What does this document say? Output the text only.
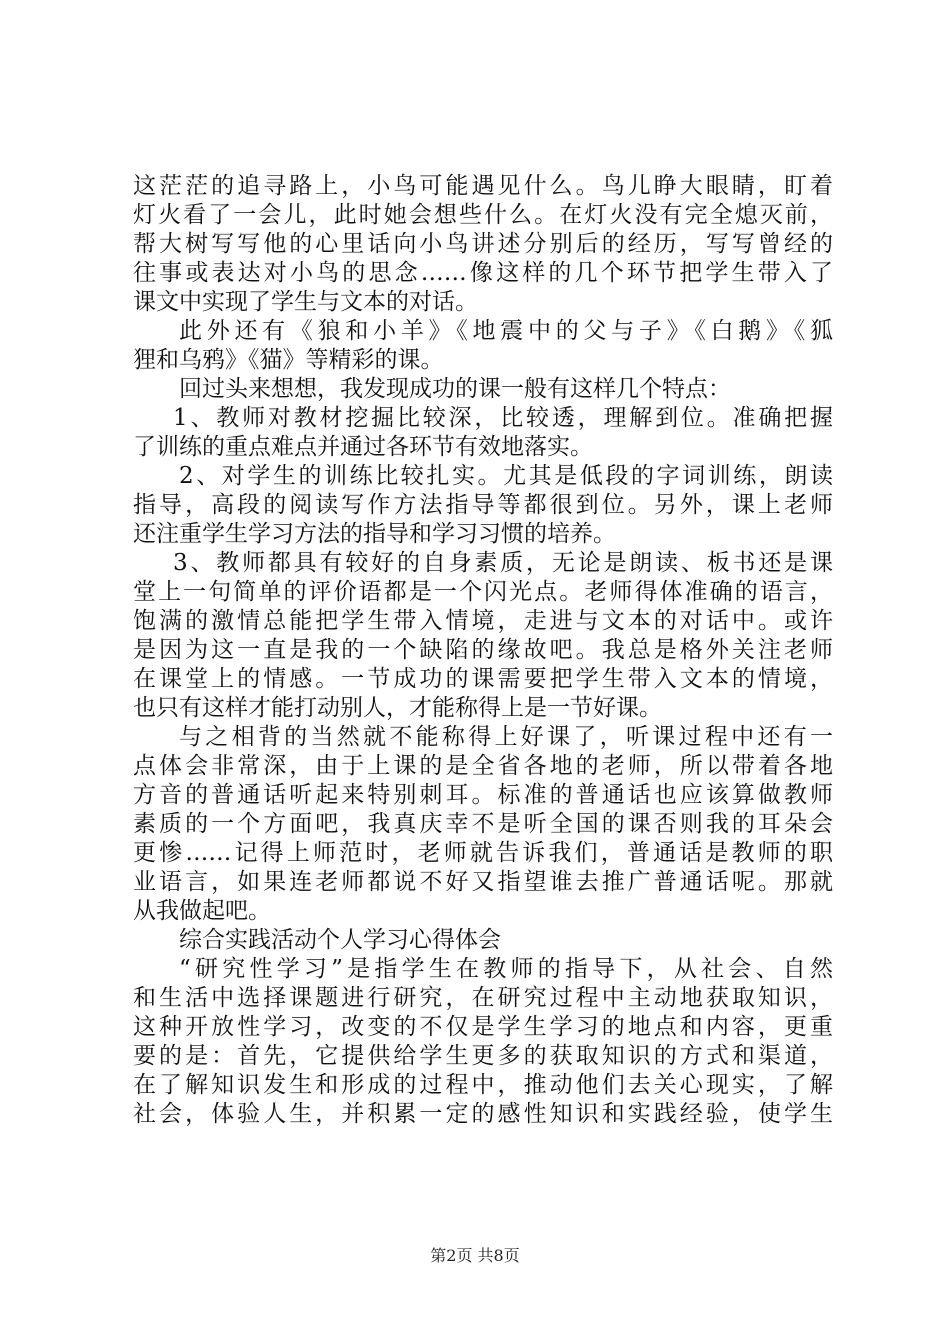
这茫茫的追寻路上，小鸟可能遇见什么。鸟儿睁大眼睛，盯着
灯火看了一会儿，此时她会想些什么。在灯火没有完全熄灭前，
帮大树写写他的心里话向小鸟讲述分别后的经历，写写曾经的
往事或表达对小鸟的思念……像这样的几个环节把学生带入了
课文中实现了学生与文本的对话。
此外还有《狼和小羊》《地震中的父与子》《白鹅》《狐
狸和乌鸦》《猫》等精彩的课。
回过头来想想，我发现成功的课一般有这样几个特点：
1、教师对教材挖掘比较深，比较透，理解到位。准确把握
了训练的重点难点并通过各环节有效地落实。
2、对学生的训练比较扎实。尤其是低段的字词训练，朗读
指导，高段的阅读写作方法指导等都很到位。另外，课上老师
还注重学生学习方法的指导和学习习惯的培养。
3、教师都具有较好的自身素质，无论是朗读、板书还是课
堂上一句简单的评价语都是一个闪光点。老师得体准确的语言，
饱满的激情总能把学生带入情境，走进与文本的对话中。或许
是因为这一直是我的一个缺陷的缘故吧。我总是格外关注老师
在课堂上的情感。一节成功的课需要把学生带入文本的情境，
也只有这样才能打动别人，才能称得上是一节好课。
与之相背的当然就不能称得上好课了，听课过程中还有一
点体会非常深，由于上课的是全省各地的老师，所以带着各地
方音的普通话听起来特别刺耳。标准的普通话也应该算做教师
素质的一个方面吧，我真庆幸不是听全国的课否则我的耳朵会
更惨……记得上师范时，老师就告诉我们，普通话是教师的职
业语言，如果连老师都说不好又指望谁去推广普通话呢。那就
从我做起吧。
综合实践活动个人学习心得体会
“研究性学习”是指学生在教师的指导下，从社会、自然
和生活中选择课题进行研究，在研究过程中主动地获取知识，
这种开放性学习，改变的不仅是学生学习的地点和内容，更重
要的是：首先，它提供给学生更多的获取知识的方式和渠道，
在了解知识发生和形成的过程中，推动他们去关心现实，了解
社会，体验人生，并积累一定的感性知识和实践经验，使学生
第2页 共8页
